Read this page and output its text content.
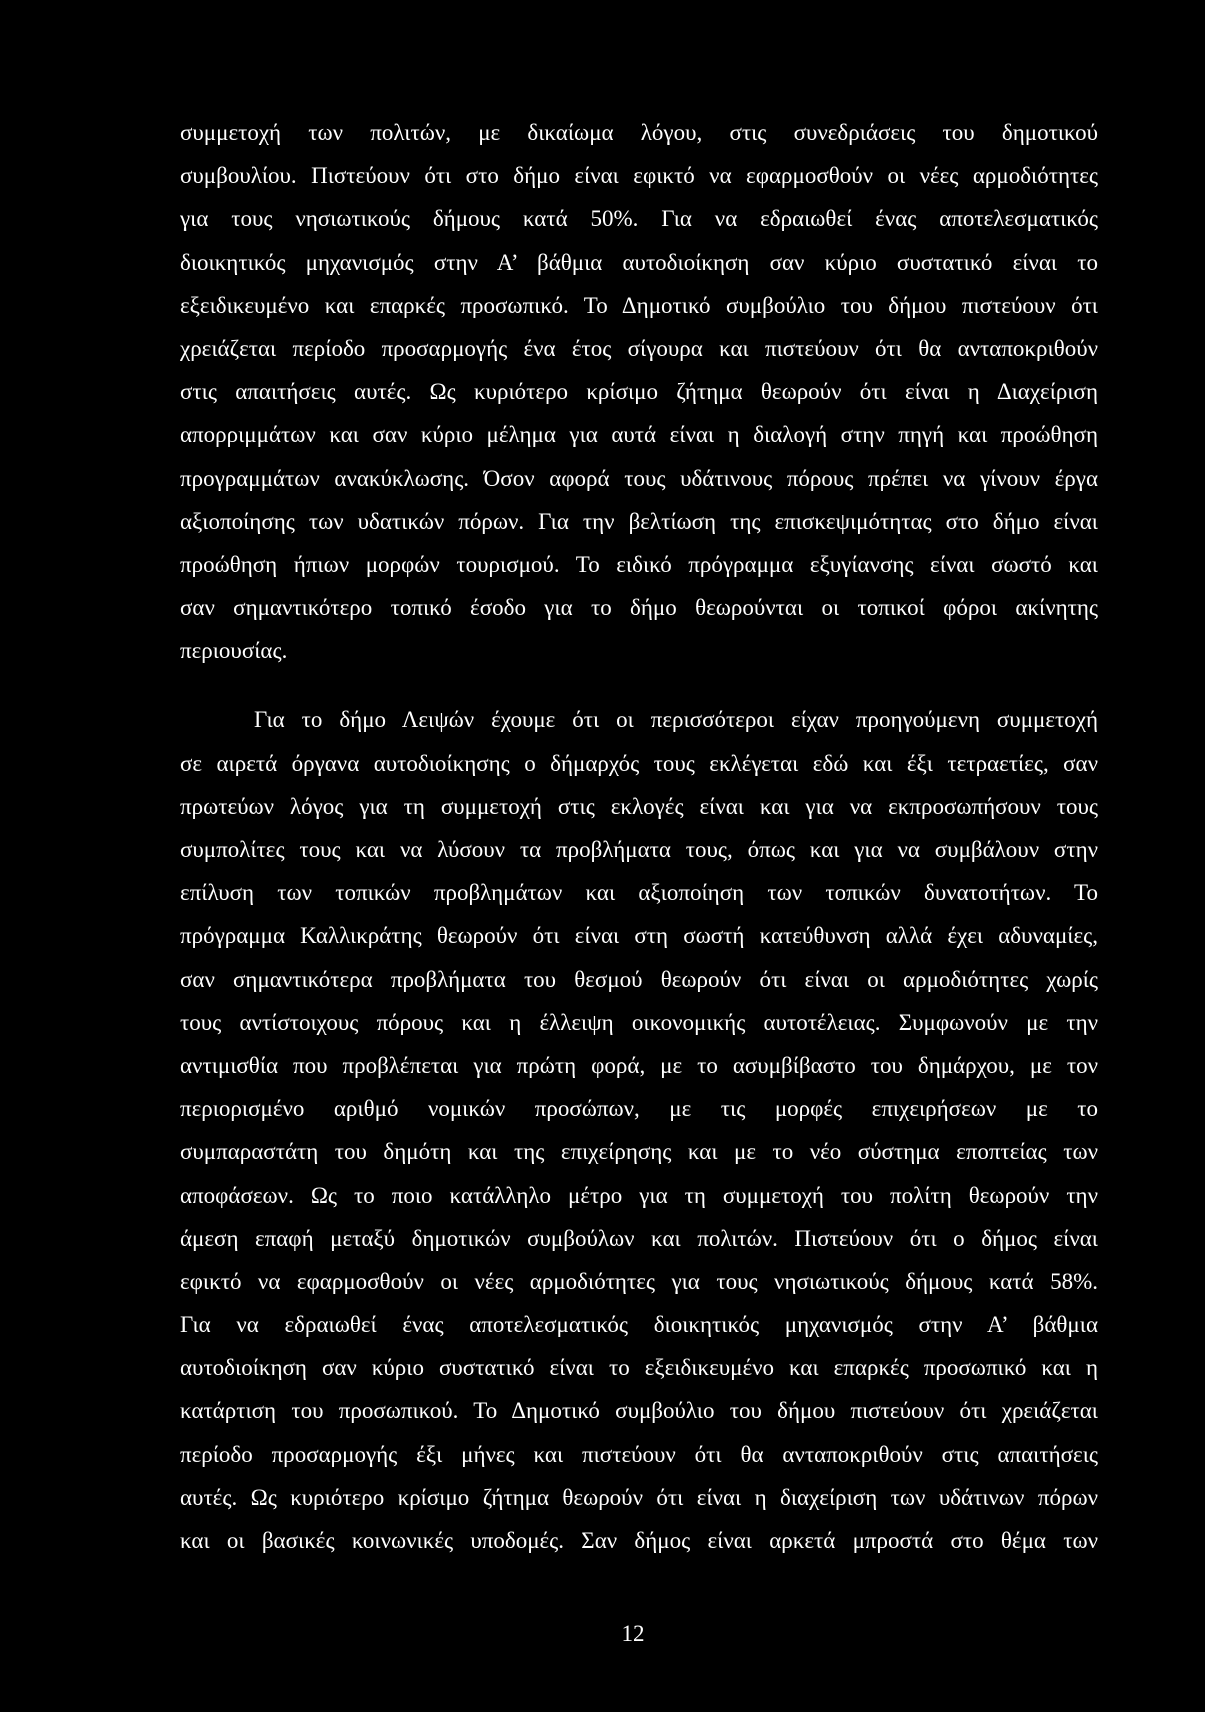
συμμετοχή των πολιτών, με δικαίωμα λόγου, στις συνεδριάσεις του δημοτικού
συμβουλίου. Πιστεύουν ότι στο δήμο είναι εφικτό να εφαρμοσθούν οι νέες αρμοδιότητες
για τους νησιωτικούς δήμους κατά 50%. Για να εδραιωθεί ένας αποτελεσματικός
διοικητικός μηχανισμός στην Α’ βάθμια αυτοδιοίκηση σαν κύριο συστατικό είναι το
εξειδικευμένο και επαρκές προσωπικό. Το Δημοτικό συμβούλιο του δήμου πιστεύουν ότι
χρειάζεται περίοδο προσαρμογής ένα έτος σίγουρα και πιστεύουν ότι θα ανταποκριθούν
στις απαιτήσεις αυτές. Ως κυριότερο κρίσιμο ζήτημα θεωρούν ότι είναι η Διαχείριση
απορριμμάτων και σαν κύριο μέλημα για αυτά είναι η διαλογή στην πηγή και προώθηση
προγραμμάτων ανακύκλωσης. Όσον αφορά τους υδάτινους πόρους πρέπει να γίνουν έργα
αξιοποίησης των υδατικών πόρων. Για την βελτίωση της επισκεψιμότητας στο δήμο είναι
προώθηση ήπιων μορφών τουρισμού. Το ειδικό πρόγραμμα εξυγίανσης είναι σωστό και
σαν σημαντικότερο τοπικό έσοδο για το δήμο θεωρούνται οι τοπικοί φόροι ακίνητης
περιουσίας.
Για το δήμο Λειψών έχουμε ότι οι περισσότεροι είχαν προηγούμενη συμμετοχή
σε αιρετά όργανα αυτοδιοίκησης ο δήμαρχός τους εκλέγεται εδώ και έξι τετραετίες, σαν
πρωτεύων λόγος για τη συμμετοχή στις εκλογές είναι και για να εκπροσωπήσουν τους
συμπολίτες τους και να λύσουν τα προβλήματα τους, όπως και για να συμβάλουν στην
επίλυση των τοπικών προβλημάτων και αξιοποίηση των τοπικών δυνατοτήτων. Το
πρόγραμμα Καλλικράτης θεωρούν ότι είναι στη σωστή κατεύθυνση αλλά έχει αδυναμίες,
σαν σημαντικότερα προβλήματα του θεσμού θεωρούν ότι είναι οι αρμοδιότητες χωρίς
τους αντίστοιχους πόρους και η έλλειψη οικονομικής αυτοτέλειας. Συμφωνούν με την
αντιμισθία που προβλέπεται για πρώτη φορά, με το ασυμβίβαστο του δημάρχου, με τον
περιορισμένο αριθμό νομικών προσώπων, με τις μορφές επιχειρήσεων με το
συμπαραστάτη του δημότη και της επιχείρησης και με το νέο σύστημα εποπτείας των
αποφάσεων. Ως το ποιο κατάλληλο μέτρο για τη συμμετοχή του πολίτη θεωρούν την
άμεση επαφή μεταξύ δημοτικών συμβούλων και πολιτών. Πιστεύουν ότι ο δήμος είναι
εφικτό να εφαρμοσθούν οι νέες αρμοδιότητες για τους νησιωτικούς δήμους κατά 58%.
Για να εδραιωθεί ένας αποτελεσματικός διοικητικός μηχανισμός στην Α’ βάθμια
αυτοδιοίκηση σαν κύριο συστατικό είναι το εξειδικευμένο και επαρκές προσωπικό και η
κατάρτιση του προσωπικού. Το Δημοτικό συμβούλιο του δήμου πιστεύουν ότι χρειάζεται
περίοδο προσαρμογής έξι μήνες και πιστεύουν ότι θα ανταποκριθούν στις απαιτήσεις
αυτές. Ως κυριότερο κρίσιμο ζήτημα θεωρούν ότι είναι η διαχείριση των υδάτινων πόρων
και οι βασικές κοινωνικές υποδομές. Σαν δήμος είναι αρκετά μπροστά στο θέμα των
12
